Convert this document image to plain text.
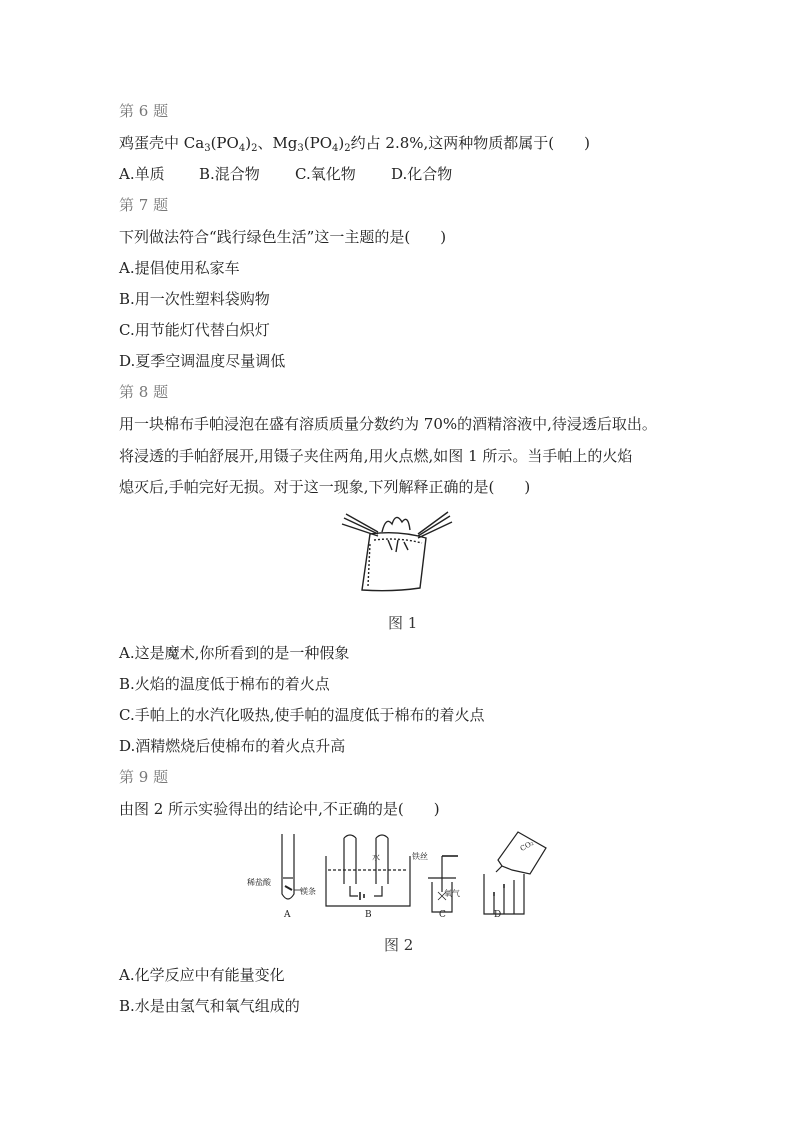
第 6 题
鸡蛋壳中 $Ca_3(PO_4)_2$、$Mg_3(PO_4)_2$约占 2.8%,这两种物质都属于(　　)
A.单质 B.混合物 C.氧化物 D.化合物
第 7 题
下列做法符合“践行绿色生活”这一主题的是(　　)
A.提倡使用私家车
B.用一次性塑料袋购物
C.用节能灯代替白炽灯
D.夏季空调温度尽量调低
第 8 题
用一块棉布手帕浸泡在盛有溶质质量分数约为 70%的酒精溶液中,待浸透后取出。
将浸透的手帕舒展开,用镊子夹住两角,用火点燃,如图 1 所示。当手帕上的火焰
熄灭后,手帕完好无损。对于这一现象,下列解释正确的是(　　)
图 1
A.这是魔术,你所看到的是一种假象
B.火焰的温度低于棉布的着火点
C.手帕上的水汽化吸热,使手帕的温度低于棉布的着火点
D.酒精燃烧后使棉布的着火点升高
第 9 题
由图 2 所示实验得出的结论中,不正确的是(　　)
稀盐酸
镁条
水	铁丝
氧气
CO₂
A	B	C	D
图 2
A.化学反应中有能量变化
B.水是由氢气和氧气组成的
